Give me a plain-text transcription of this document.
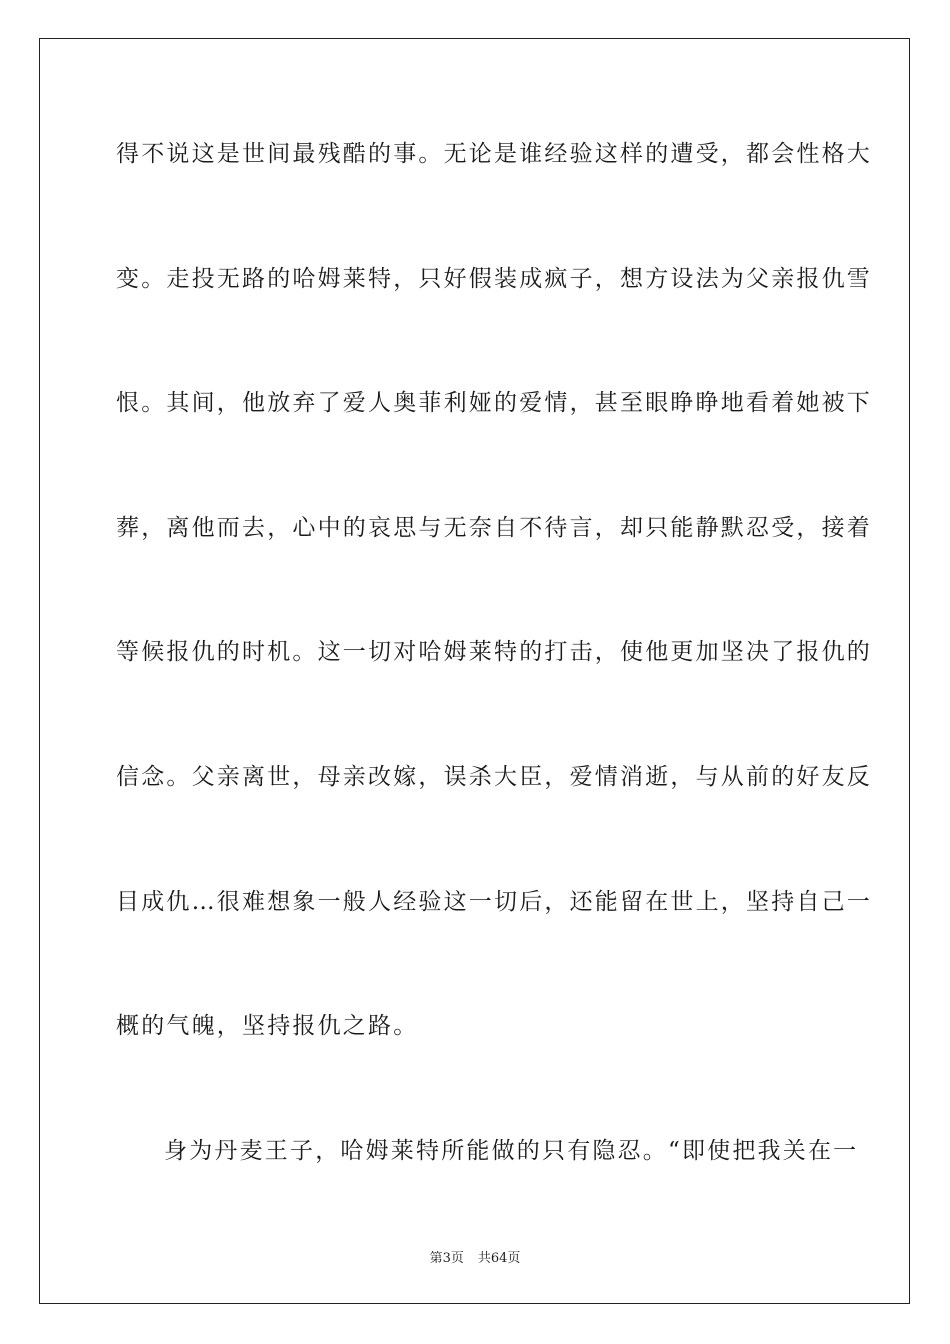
得不说这是世间最残酷的事。无论是谁经验这样的遭受，都会性格大
变。走投无路的哈姆莱特，只好假装成疯子，想方设法为父亲报仇雪
恨。其间，他放弃了爱人奥菲利娅的爱情，甚至眼睁睁地看着她被下
葬，离他而去，心中的哀思与无奈自不待言，却只能静默忍受，接着
等候报仇的时机。这一切对哈姆莱特的打击，使他更加坚决了报仇的
信念。父亲离世，母亲改嫁，误杀大臣，爱情消逝，与从前的好友反
目成仇…很难想象一般人经验这一切后，还能留在世上，坚持自己一
概的气魄，坚持报仇之路。
身为丹麦王子，哈姆莱特所能做的只有隐忍。“即使把我关在一
第3页 共64页
